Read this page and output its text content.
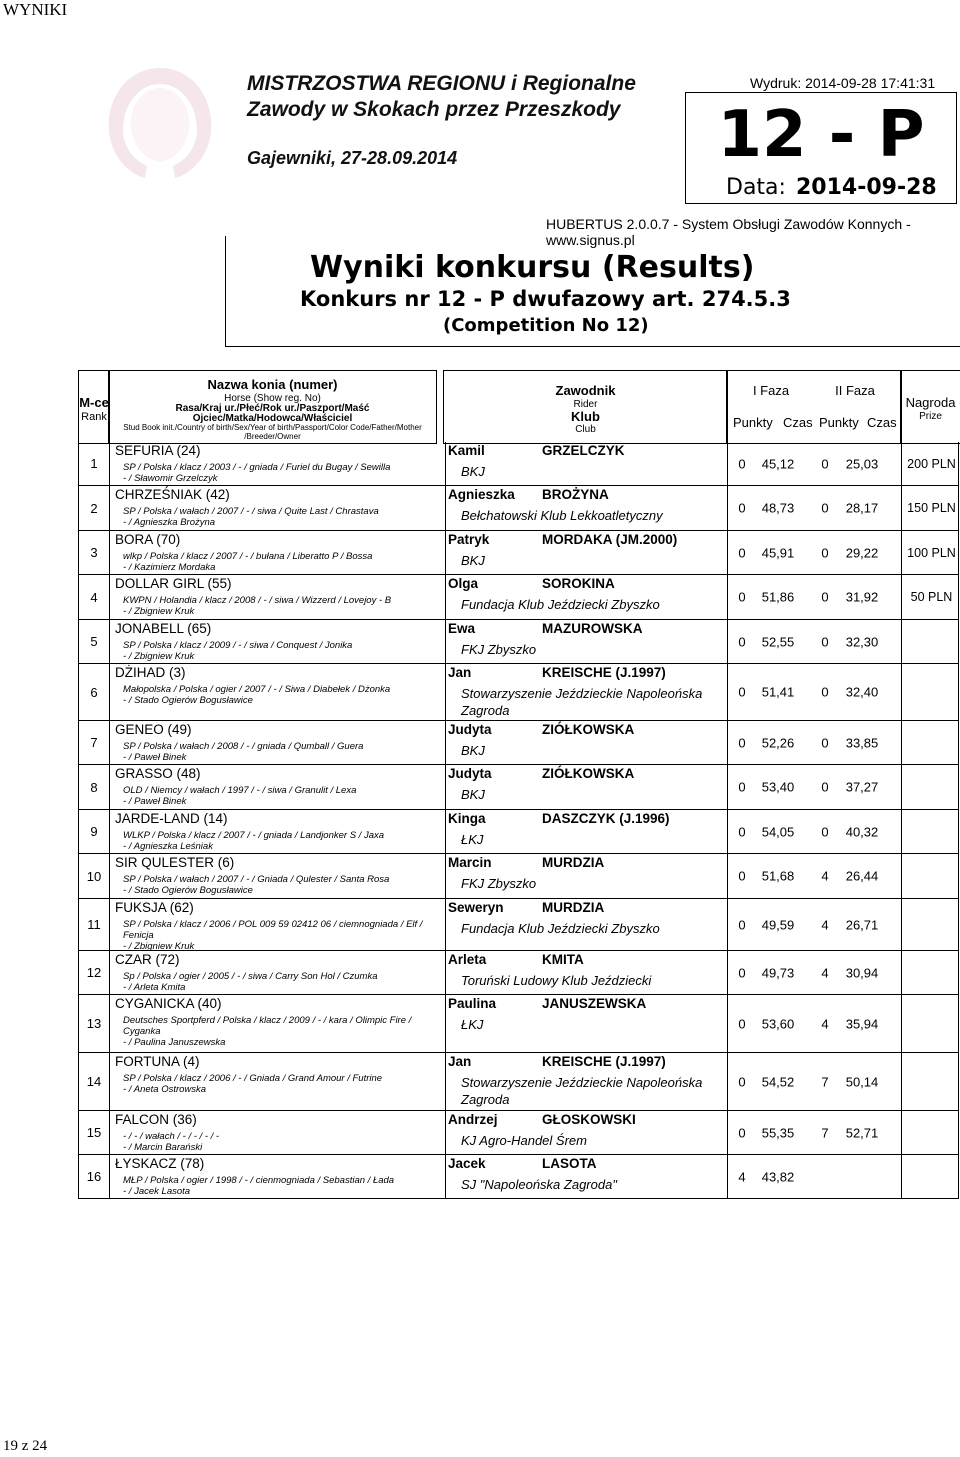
WYNIKI
MISTRZOSTWA REGIONU i Regionalne
Zawody w Skokach przez Przeszkody
Gajewniki, 27-28.09.2014
Wydruk: 2014-09-28 17:41:31
12 - P
Data: 2014-09-28
HUBERTUS 2.0.0.7 - System Obsługi Zawodów Konnych - www.signus.pl
Wyniki konkursu (Results)
Konkurs nr 12 - P dwufazowy art. 274.5.3
(Competition No 12)
M-ce
Rank
Nazwa konia (numer)
Horse (Show reg. No)
Rasa/Kraj ur./Płeć/Rok ur./Paszport/Maść
Ojciec/Matka/Hodowca/Właściciel
Stud Book init./Country of birth/Sex/Year of birth/Passport/Color Code/Father/Mother
/Breeder/Owner
Zawodnik
Rider
Klub
Club
I Faza	II Faza
Punkty Czas Punkty Czas
Nagroda
Prize
1
SEFURIA (24)
SP / Polska / klacz / 2003 / - / gniada / Furiel du Bugay / Sewilla
- / Sławomir Grzelczyk
Kamil	GRZELCZYK
BKJ
0	45,12	0	25,03	200 PLN
2
CHRZEŚNIAK (42)
SP / Polska / wałach / 2007 / - / siwa / Quite Last / Chrastava
- / Agnieszka Brożyna
Agnieszka BROŻYNA
Bełchatowski Klub Lekkoatletyczny	0	48,73	0	28,17	150 PLN
3
BORA (70)
wlkp / Polska / klacz / 2007 / - / bułana / Liberatto P / Bossa
- / Kazimierz Mordaka
Patryk	MORDAKA (JM.2000)
BKJ
0	45,91	0	29,22	100 PLN
4
DOLLAR GIRL (55)
KWPN / Holandia / klacz / 2008 / - / siwa / Wizzerd / Lovejoy - B
- / Zbigniew Kruk
Olga	SOROKINA
Fundacja Klub Jeździecki Zbyszko	0	51,86	0	31,92	50 PLN
5
JONABELL (65)
SP / Polska / klacz / 2009 / - / siwa / Conquest / Jonika
- / Zbigniew Kruk
Ewa	MAZUROWSKA
FKJ Zbyszko
0	52,55	0	32,30
6
DŻIHAD (3)
Małopolska / Polska / ogier / 2007 / - / Siwa / Diabełek / Dżonka
- / Stado Ogierów Bogusławice
Jan	KREISCHE (J.1997)
Stowarzyszenie Jeździeckie Napoleońska Zagroda
0	51,41	0	32,40
7
GENEO (49)
SP / Polska / wałach / 2008 / - / gniada / Qumball / Guera
- / Paweł Binek
Judyta	ZIÓŁKOWSKA
BKJ
0	52,26	0	33,85
8
GRASSO (48)
OLD / Niemcy / wałach / 1997 / - / siwa / Granulit / Lexa
- / Paweł Binek
Judyta	ZIÓŁKOWSKA
BKJ	0	53,40	0	37,27
9
JARDE-LAND (14)
WLKP / Polska / klacz / 2007 / - / gniada / Landjonker S / Jaxa
- / Agnieszka Leśniak
Kinga	DASZCZYK (J.1996)
ŁKJ
0	54,05	0	40,32
10
SIR QULESTER (6)
SP / Polska / wałach / 2007 / - / Gniada / Qulester / Santa Rosa
- / Stado Ogierów Bogusławice
Marcin	MURDZIA
FKJ Zbyszko	0	51,68	4	26,44
11
FUKSJA (62)
SP / Polska / klacz / 2006 / POL 009 59 02412 06 / ciemnogniada / Elf / Fenicja
- / Zbigniew Kruk
Seweryn	MURDZIA
Fundacja Klub Jeździecki Zbyszko	0	49,59	4	26,71
12
CZAR (72)
Sp / Polska / ogier / 2005 / - / siwa / Carry Son Hol / Czumka
- / Arleta Kmita
Arleta	KMITA
Toruński Ludowy Klub Jeździecki
0	49,73	4	30,94
13
CYGANICKA (40)
Deutsches Sportpferd / Polska / klacz / 2009 / - / kara / Olimpic Fire / Cyganka
- / Paulina Januszewska
Paulina	JANUSZEWSKA
ŁKJ	0	53,60	4	35,94
14
FORTUNA (4)
SP / Polska / klacz / 2006 / - / Gniada / Grand Amour / Futrine
- / Aneta Ostrowska
Jan	KREISCHE (J.1997)
Stowarzyszenie Jeździeckie Napoleońska Zagroda
0	54,52	7	50,14
15
FALCON (36)
- / - / wałach / - / - / - / -
- / Marcin Barański
Andrzej	GŁOSKOWSKI
KJ Agro-Handel Śrem
0	55,35	7	52,71
16
ŁYSKACZ (78)
MŁP / Polska / ogier / 1998 / - / cienmogniada / Sebastian / Łada
- / Jacek Lasota
Jacek	LASOTA
SJ "Napoleońska Zagroda"
4	43,82
19 z 24
